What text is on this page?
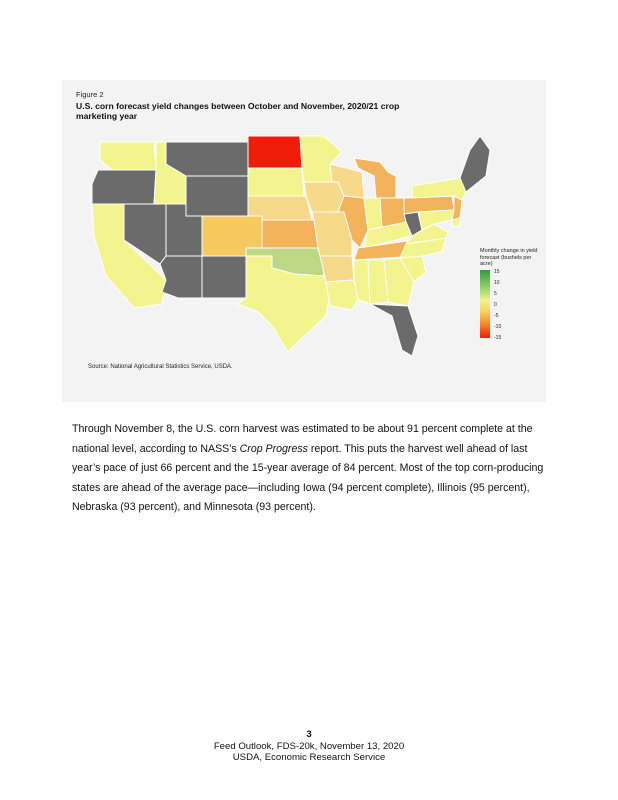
Figure 2
U.S. corn forecast yield changes between October and November, 2020/21 crop marketing year
Monthly change in yield forecast (bushels per acre)
15
10
5
0
-5
-10
-15
Source: National Agricultural Statistics Service, USDA.

Through November 8, the U.S. corn harvest was estimated to be about 91 percent complete at the national level, according to NASS’s Crop Progress report. This puts the harvest well ahead of last year’s pace of just 66 percent and the 15-year average of 84 percent. Most of the top corn-producing states are ahead of the average pace—including Iowa (94 percent complete), Illinois (95 percent), Nebraska (93 percent), and Minnesota (93 percent).

3
Feed Outlook, FDS-20k, November 13, 2020
USDA, Economic Research Service
